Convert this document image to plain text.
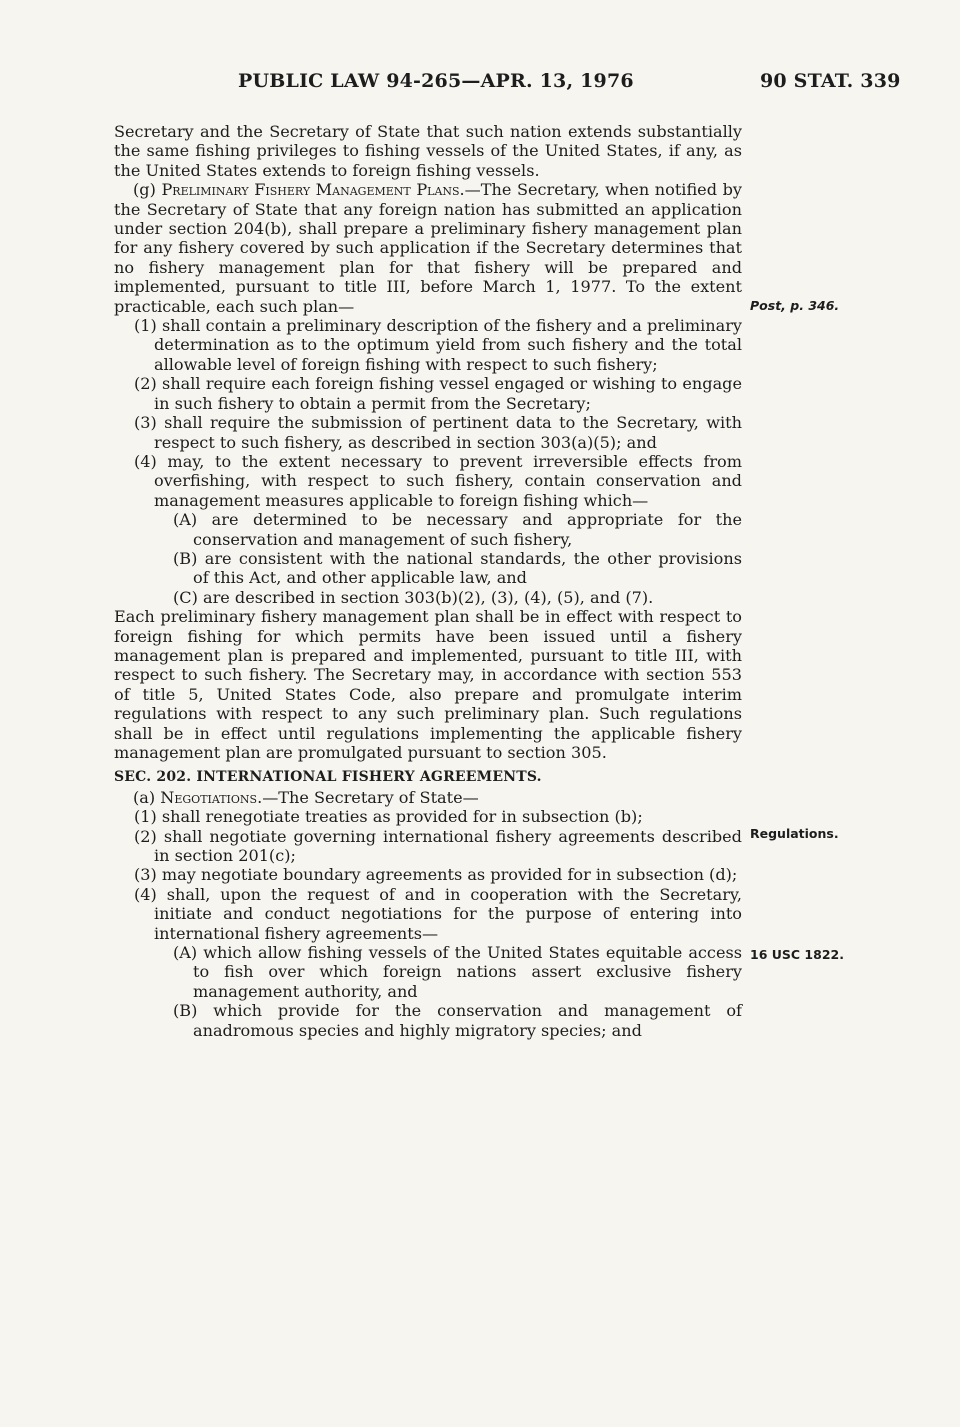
PUBLIC LAW 94-265—APR. 13, 1976	90 STAT. 339
Post, p. 346.
Regulations.
16 USC 1822.

Secretary and the Secretary of State that such nation extends substantially the same fishing privileges to fishing vessels of the United States, if any, as the United States extends to foreign fishing vessels.

(g) Preliminary Fishery Management Plans.—The Secretary, when notified by the Secretary of State that any foreign nation has submitted an application under section 204(b), shall prepare a preliminary fishery management plan for any fishery covered by such application if the Secretary determines that no fishery management plan for that fishery will be prepared and implemented, pursuant to title III, before March 1, 1977. To the extent practicable, each such plan—

(1) shall contain a preliminary description of the fishery and a preliminary determination as to the optimum yield from such fishery and the total allowable level of foreign fishing with respect to such fishery;

(2) shall require each foreign fishing vessel engaged or wishing to engage in such fishery to obtain a permit from the Secretary;

(3) shall require the submission of pertinent data to the Secretary, with respect to such fishery, as described in section 303(a)(5); and

(4) may, to the extent necessary to prevent irreversible effects from overfishing, with respect to such fishery, contain conservation and management measures applicable to foreign fishing which—

(A) are determined to be necessary and appropriate for the conservation and management of such fishery,

(B) are consistent with the national standards, the other provisions of this Act, and other applicable law, and

(C) are described in section 303(b)(2), (3), (4), (5), and (7).

Each preliminary fishery management plan shall be in effect with respect to foreign fishing for which permits have been issued until a fishery management plan is prepared and implemented, pursuant to title III, with respect to such fishery. The Secretary may, in accordance with section 553 of title 5, United States Code, also prepare and promulgate interim regulations with respect to any such preliminary plan. Such regulations shall be in effect until regulations implementing the applicable fishery management plan are promulgated pursuant to section 305.

SEC. 202. INTERNATIONAL FISHERY AGREEMENTS.

(a) Negotiations.—The Secretary of State—

(1) shall renegotiate treaties as provided for in subsection (b);

(2) shall negotiate governing international fishery agreements described in section 201(c);

(3) may negotiate boundary agreements as provided for in subsection (d);

(4) shall, upon the request of and in cooperation with the Secretary, initiate and conduct negotiations for the purpose of entering into international fishery agreements—

(A) which allow fishing vessels of the United States equitable access to fish over which foreign nations assert exclusive fishery management authority, and

(B) which provide for the conservation and management of anadromous species and highly migratory species; and
